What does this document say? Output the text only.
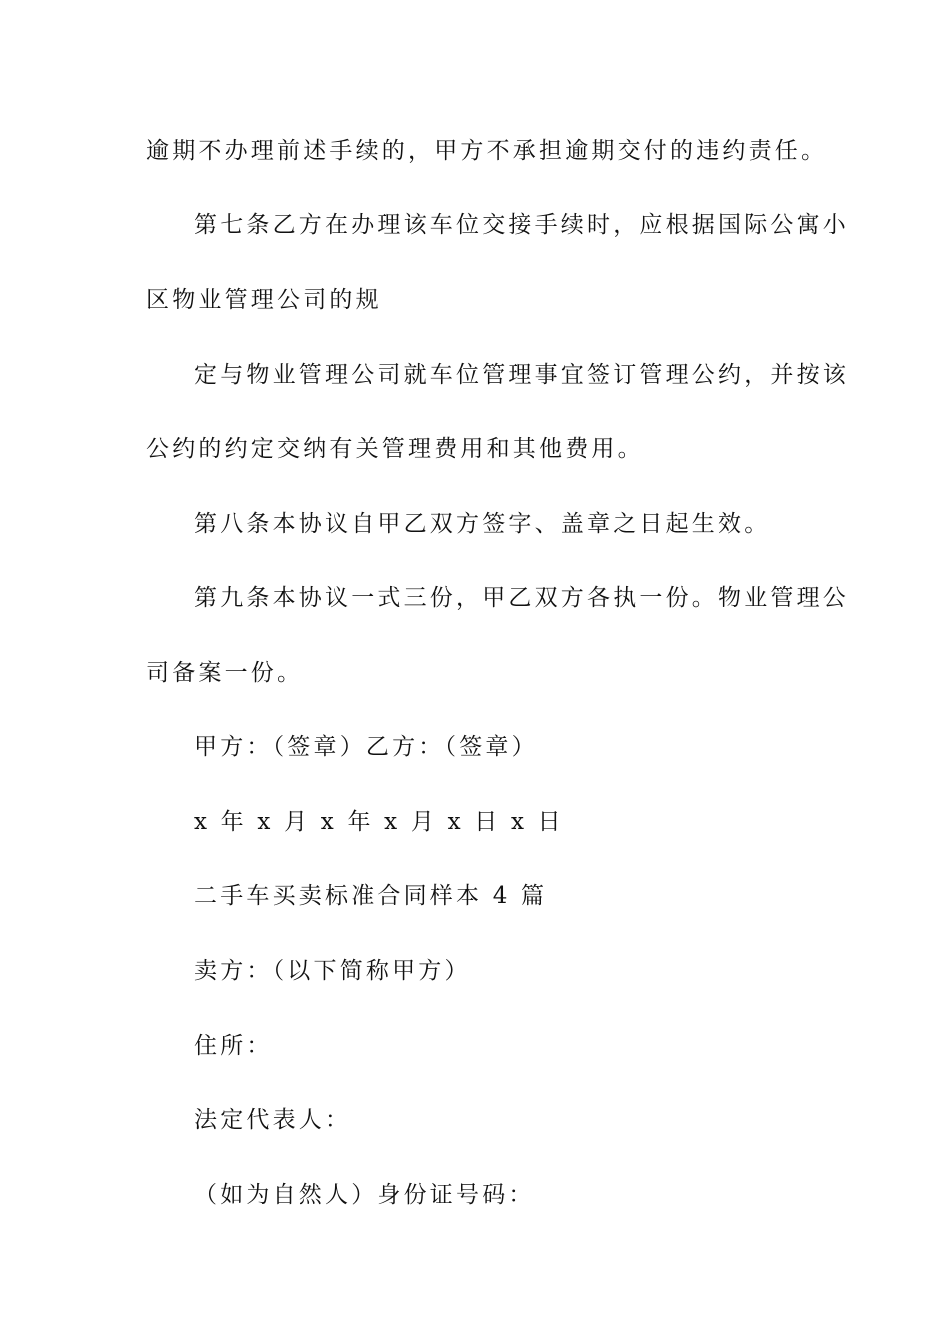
逾期不办理前述手续的，甲方不承担逾期交付的违约责任。
第七条乙方在办理该车位交接手续时，应根据国际公寓小
区物业管理公司的规
定与物业管理公司就车位管理事宜签订管理公约，并按该
公约的约定交纳有关管理费用和其他费用。
第八条本协议自甲乙双方签字、盖章之日起生效。
第九条本协议一式三份，甲乙双方各执一份。物业管理公
司备案一份。
甲方：（签章）乙方：（签章）
x 年 x 月 x 年 x 月 x 日 x 日
二手车买卖标准合同样本 4 篇
卖方：（以下简称甲方）
住所：
法定代表人：
（如为自然人）身份证号码：
